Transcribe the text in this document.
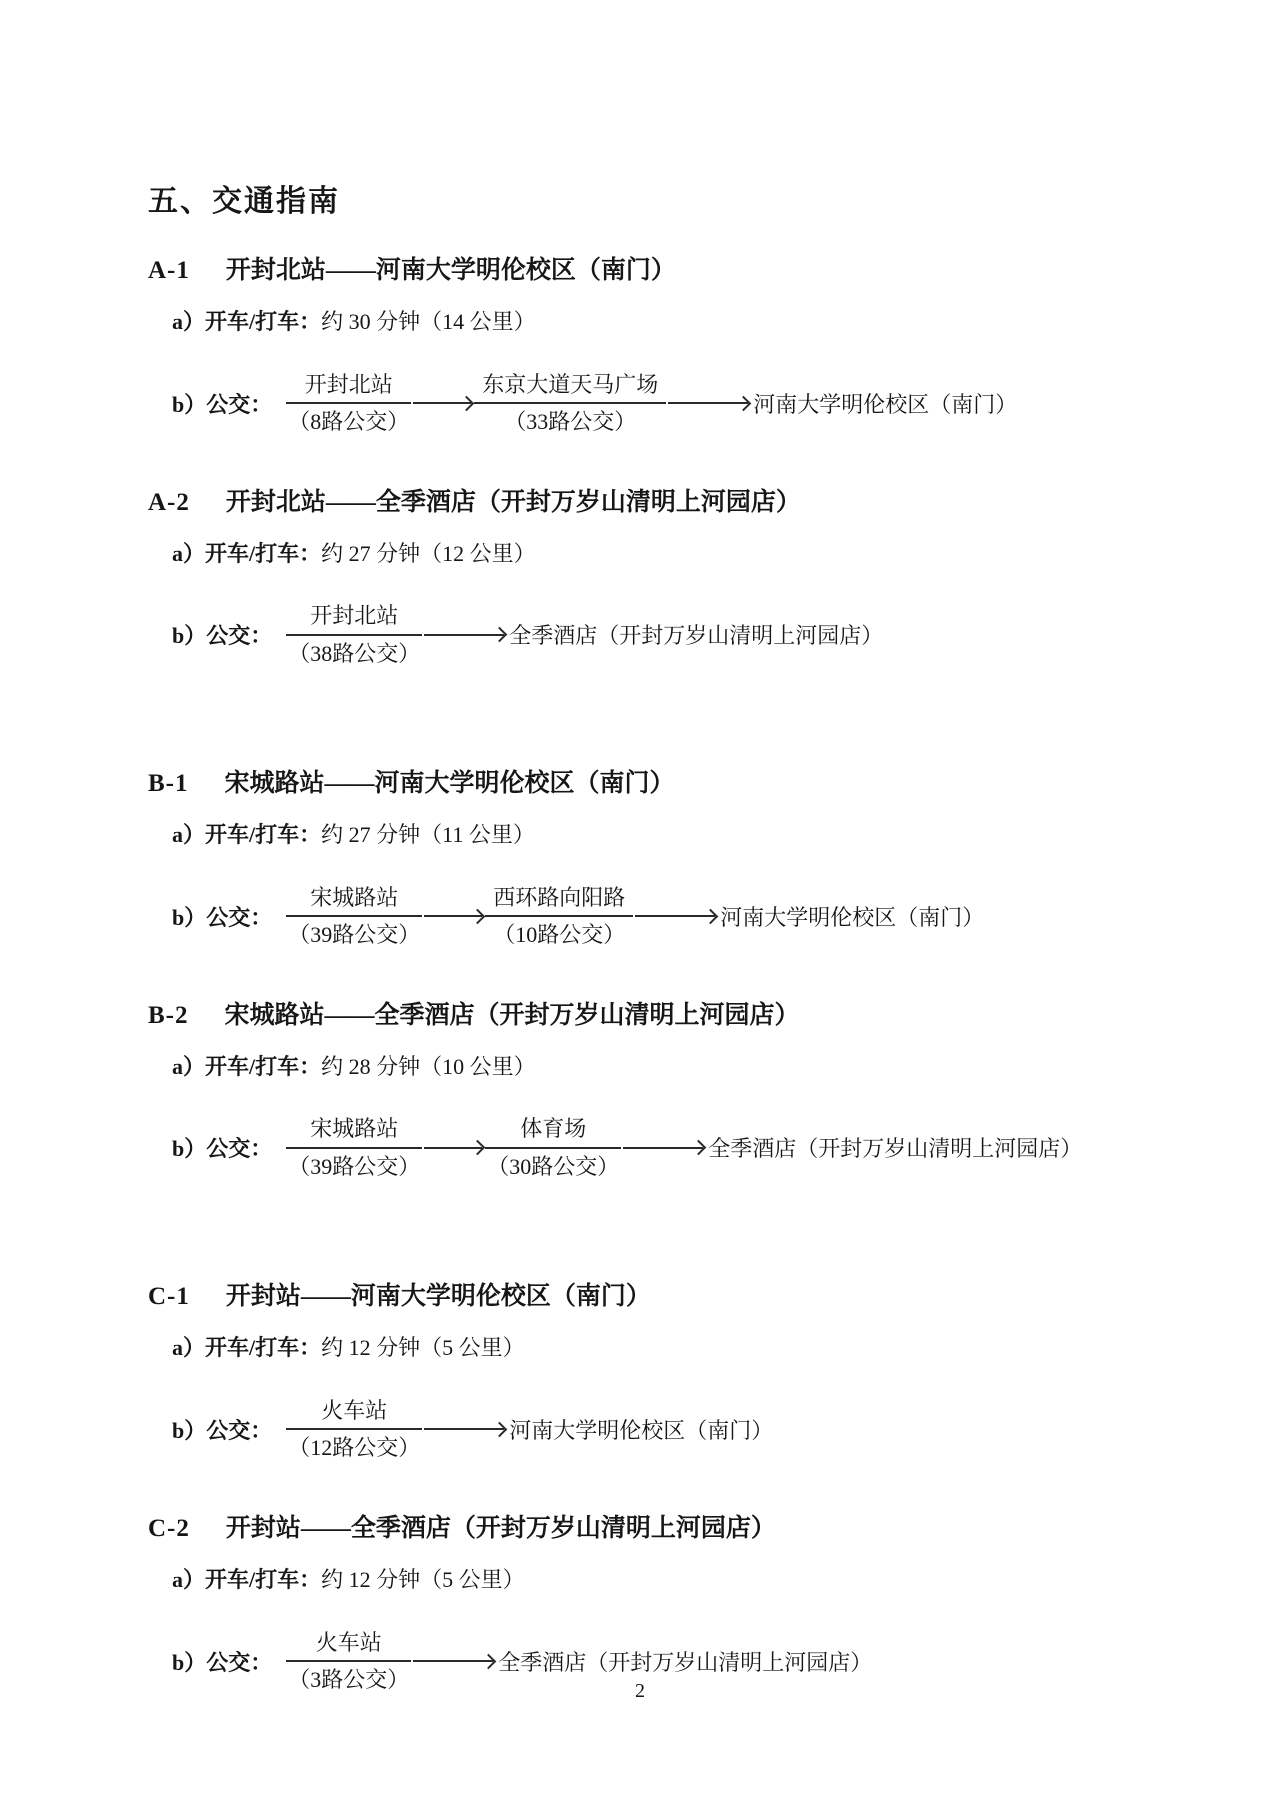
五、交通指南
A-1 开封北站——河南大学明伦校区（南门）

a）开车/打车：约 30 分钟（14 公里）

b）公交：
开封北站
（8路公交）
东京大道天马广场
（33路公交）
河南大学明伦校区（南门）
A-2 开封北站——全季酒店（开封万岁山清明上河园店）

a）开车/打车：约 27 分钟（12 公里）

b）公交：
开封北站
（38路公交）
全季酒店（开封万岁山清明上河园店）
B-1 宋城路站——河南大学明伦校区（南门）

a）开车/打车：约 27 分钟（11 公里）

b）公交：
宋城路站
（39路公交）
西环路向阳路
（10路公交）
河南大学明伦校区（南门）
B-2 宋城路站——全季酒店（开封万岁山清明上河园店）

a）开车/打车：约 28 分钟（10 公里）

b）公交：
宋城路站
（39路公交）
体育场
（30路公交）
全季酒店（开封万岁山清明上河园店）
C-1 开封站——河南大学明伦校区（南门）

a）开车/打车：约 12 分钟（5 公里）

b）公交：
火车站
（12路公交）
河南大学明伦校区（南门）
C-2 开封站——全季酒店（开封万岁山清明上河园店）

a）开车/打车：约 12 分钟（5 公里）

b）公交：
火车站
（3路公交）
全季酒店（开封万岁山清明上河园店）
2
